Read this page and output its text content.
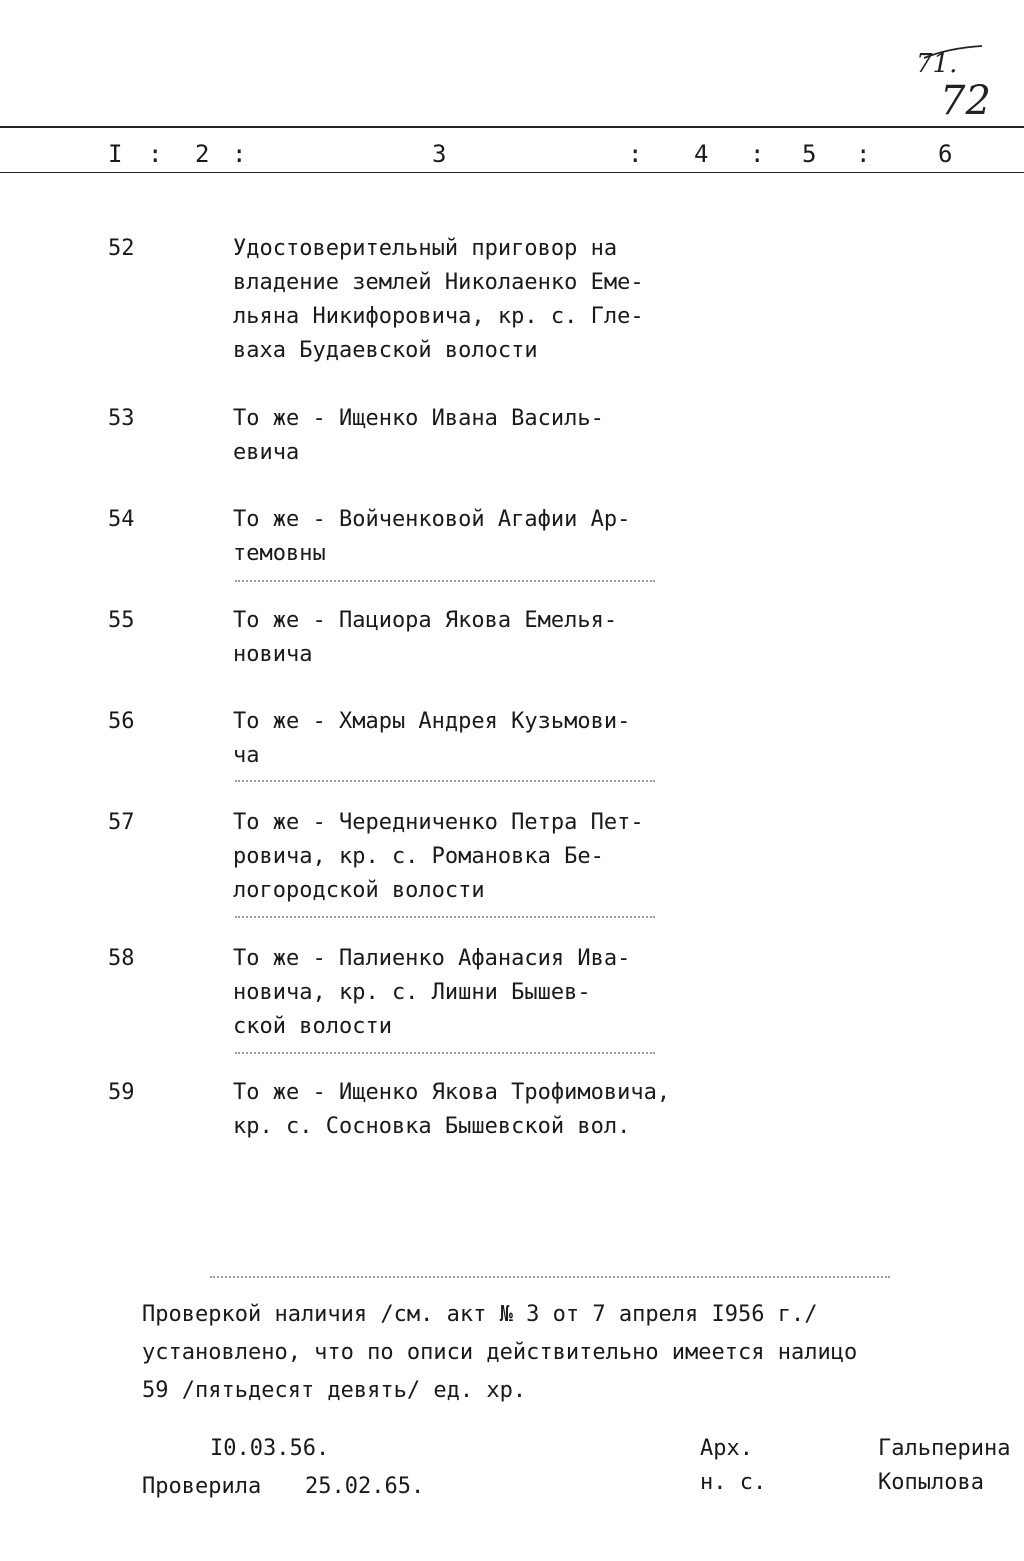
71.
72
I : 2 :	3	: 4 : 5 :	6
52	Удостоверительный приговор на
владение землей Николаенко Еме-
льяна Никифоровича, кр. с. Гле-
ваха Будаевской волости
53	То же - Ищенко Ивана Василь-
евича
54	То же - Войченковой Агафии Ар-
темовны
55	То же - Пациора Якова Емелья-
новича
56	То же - Хмары Андрея Кузьмови-
ча
57	То же - Чередниченко Петра Пет-
ровича, кр. с. Романовка Бе-
логородской волости
58	То же - Палиенко Афанасия Ива-
новича, кр. с. Лишни Бышев-
ской волости
59	То же - Ищенко Якова Трофимовича,
кр. с. Сосновка Бышевской вол.
Проверкой наличия /см. акт № 3 от 7 апреля I956 г./
установлено, что по описи действительно имеется налицо
59 /пятьдесят девять/ ед. хр.
I0.03.56.
Проверила 25.02.65.
Арх.	Гальперина
н. с.	Копылова
